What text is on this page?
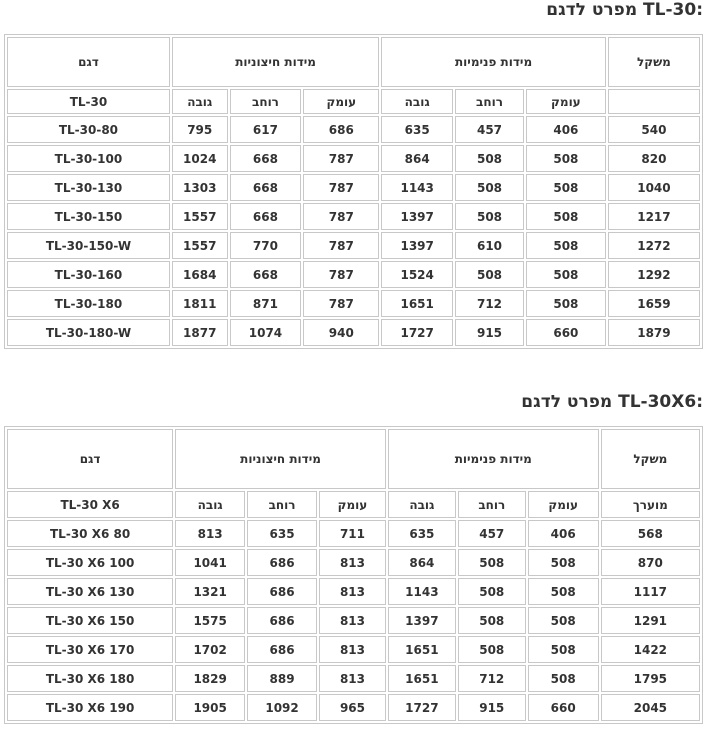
מפרט לדגם TL-30:
דגם	מידות חיצוניות			מידות פנימיות			משקל
TL-30	גובה	רוחב	עומק	גובה	רוחב	עומק	
TL-30-80	795	617	686	635	457	406	540
TL-30-100	1024	668	787	864	508	508	820
TL-30-130	1303	668	787	1143	508	508	1040
TL-30-150	1557	668	787	1397	508	508	1217
TL-30-150-W	1557	770	787	1397	610	508	1272
TL-30-160	1684	668	787	1524	508	508	1292
TL-30-180	1811	871	787	1651	712	508	1659
TL-30-180-W	1877	1074	940	1727	915	660	1879
מפרט לדגם TL-30X6:
דגם	מידות חיצוניות			מידות פנימיות			משקל
TL-30 X6	גובה	רוחב	עומק	גובה	רוחב	עומק	מוערך
TL-30 X6 80	813	635	711	635	457	406	568
TL-30 X6 100	1041	686	813	864	508	508	870
TL-30 X6 130	1321	686	813	1143	508	508	1117
TL-30 X6 150	1575	686	813	1397	508	508	1291
TL-30 X6 170	1702	686	813	1651	508	508	1422
TL-30 X6 180	1829	889	813	1651	712	508	1795
TL-30 X6 190	1905	1092	965	1727	915	660	2045
